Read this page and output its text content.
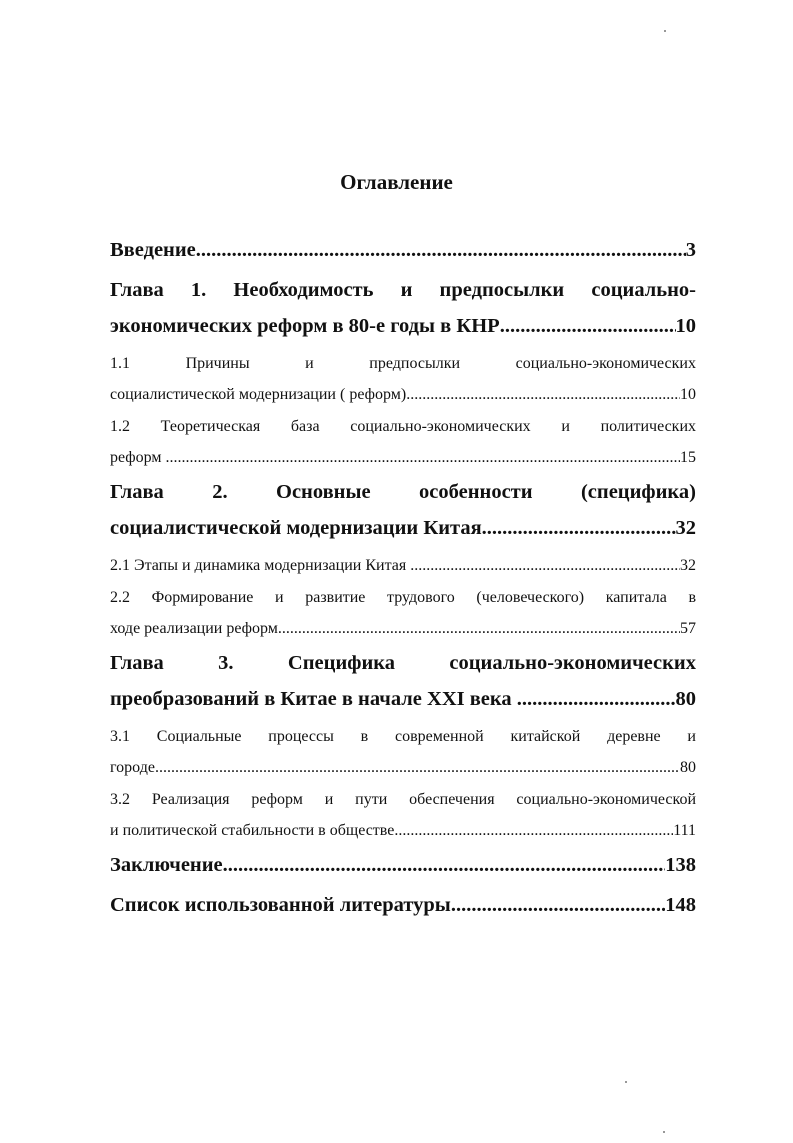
Оглавление
Введение .....	3
Глава 1. Необходимость и предпосылки социально-
экономических реформ в 80-е годы в КНР .....	10
1.1 Причины и предпосылки социально-экономических
социалистической модернизации ( реформ) .....	10
1.2 Теоретическая база социально-экономических и политических
реформ .....	15
Глава 2. Основные особенности (специфика)
социалистической модернизации Китая .....	32
2.1 Этапы и динамика модернизации Китая .....	32
2.2 Формирование и развитие трудового (человеческого) капитала в
ходе реализации реформ .....	57
Глава 3. Специфика социально-экономических
преобразований в Китае в начале XXI века .....	80
3.1 Социальные процессы в современной китайской деревне и
городе .....	80
3.2 Реализация реформ и пути обеспечения социально-экономической
и политической стабильности в обществе .....	111
Заключение .....	138
Список использованной литературы .....	148
